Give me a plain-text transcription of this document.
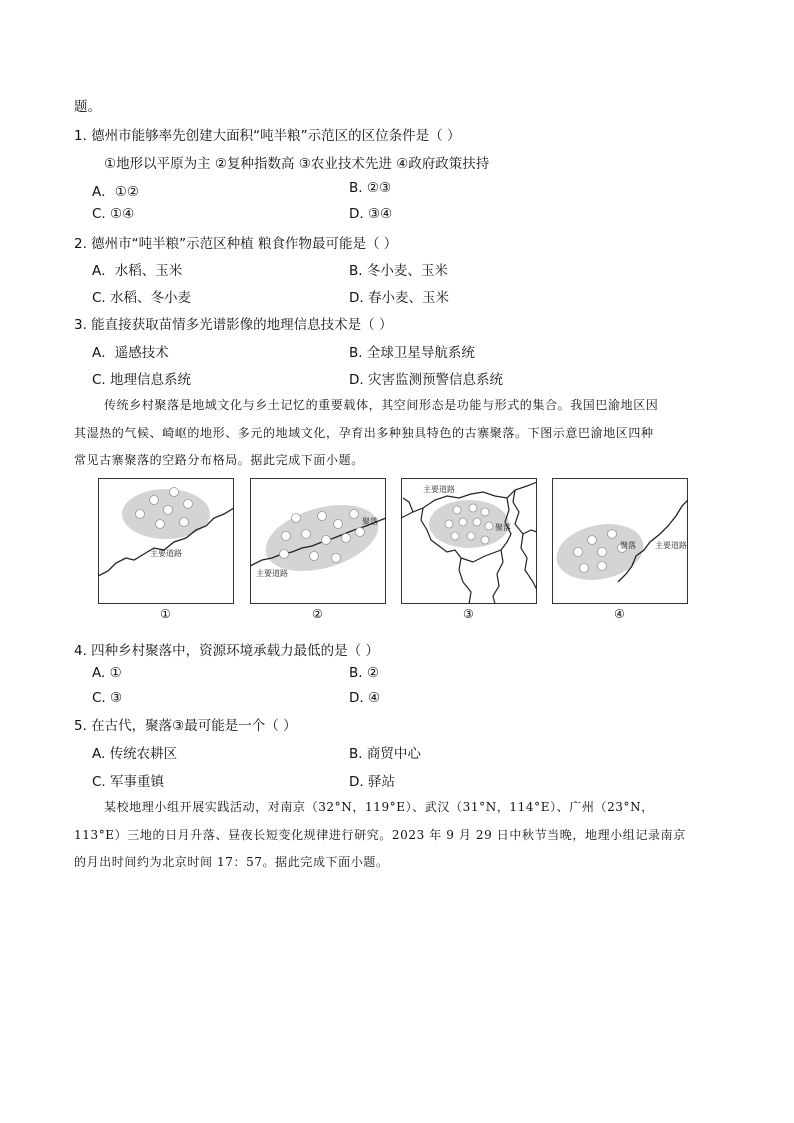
题。
1. 德州市能够率先创建大面积“吨半粮”示范区的区位条件是（ ）
①地形以平原为主 ②复种指数高 ③农业技术先进 ④政府政策扶持
A．①②	B. ②③
C. ①④	D. ③④
2. 德州市“吨半粮”示范区种植 粮食作物最可能是（ ）
A．水稻、玉米	B. 冬小麦、玉米
C. 水稻、冬小麦	D. 春小麦、玉米
3. 能直接获取苗情多光谱影像的地理信息技术是（ ）
A．遥感技术	B. 全球卫星导航系统
C. 地理信息系统	D. 灾害监测预警信息系统
传统乡村聚落是地域文化与乡土记忆的重要载体，其空间形态是功能与形式的集合。我国巴渝地区因
其湿热的气候、崎岖的地形、多元的地域文化，孕育出多种独具特色的古寨聚落。下图示意巴渝地区四种
常见古寨聚落的空路分布格局。据此完成下面小题。
主要道路
聚落
主要道路
聚落
主要道路
聚落 主要道路
①	②	③	④
4. 四种乡村聚落中，资源环境承载力最低的是（ ）
A. ①	B. ②
C. ③	D. ④
5. 在古代，聚落③最可能是一个（ ）
A. 传统农耕区	B. 商贸中心
C. 军事重镇	D. 驿站
某校地理小组开展实践活动，对南京（32°N，119°E）、武汉（31°N，114°E）、广州（23°N，
113°E）三地的日月升落、昼夜长短变化规律进行研究。2023 年 9 月 29 日中秋节当晚，地理小组记录南京
的月出时间约为北京时间 17：57。据此完成下面小题。
